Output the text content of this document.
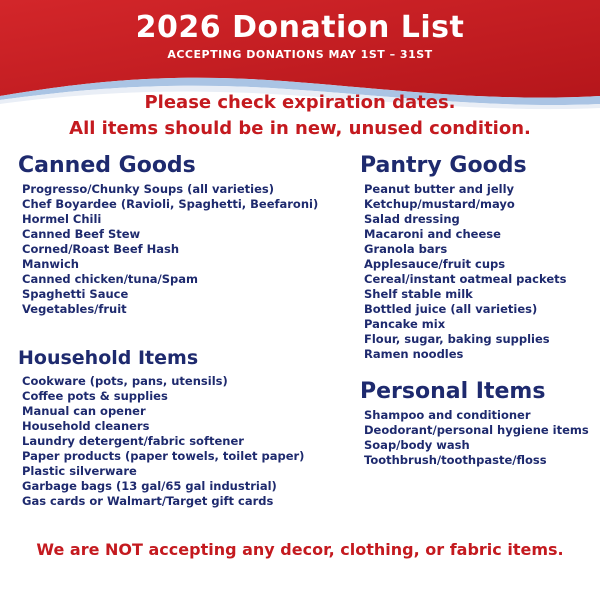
2026 Donation List
ACCEPTING DONATIONS MAY 1ST – 31ST
Please check expiration dates.
All items should be in new, unused condition.
Canned Goods
Progresso/Chunky Soups (all varieties)
Chef Boyardee (Ravioli, Spaghetti, Beefaroni)
Hormel Chili
Canned Beef Stew
Corned/Roast Beef Hash
Manwich
Canned chicken/tuna/Spam
Spaghetti Sauce
Vegetables/fruit
Household Items
Cookware (pots, pans, utensils)
Coffee pots & supplies
Manual can opener
Household cleaners
Laundry detergent/fabric softener
Paper products (paper towels, toilet paper)
Plastic silverware
Garbage bags (13 gal/65 gal industrial)
Gas cards or Walmart/Target gift cards
Pantry Goods
Peanut butter and jelly
Ketchup/mustard/mayo
Salad dressing
Macaroni and cheese
Granola bars
Applesauce/fruit cups
Cereal/instant oatmeal packets
Shelf stable milk
Bottled juice (all varieties)
Pancake mix
Flour, sugar, baking supplies
Ramen noodles
Personal Items
Shampoo and conditioner
Deodorant/personal hygiene items
Soap/body wash
Toothbrush/toothpaste/floss
We are NOT accepting any decor, clothing, or fabric items.
